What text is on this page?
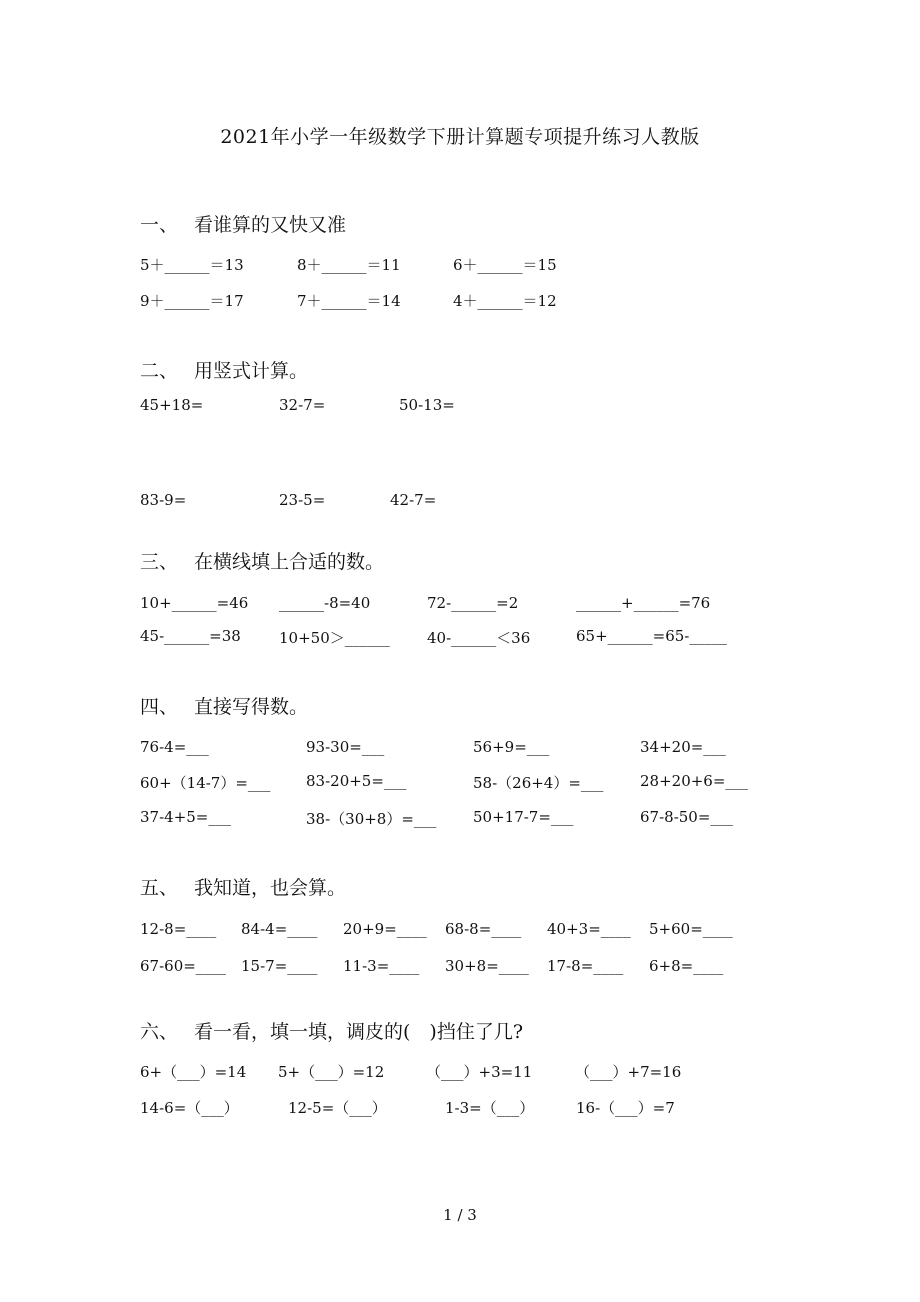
2021年小学一年级数学下册计算题专项提升练习人教版
一、 看谁算的又快又准
5＋______＝13	8＋______＝11	6＋______＝15
9＋______＝17	7＋______＝14	4＋______＝12
二、 用竖式计算。
45+18=	32-7=	50-13=
83-9=	23-5=	42-7=
三、 在横线填上合适的数。
10+______=46 ______-8=40	72-______=2	______+______=76
45-______=38	10+50＞______ 40-______＜36	65+______=65-_____
四、 直接写得数。
76-4=___	93-30=___	56+9=___	34+20=___
60+（14-7）=___ 83-20+5=___	58-（26+4）=___ 28+20+6=___
37-4+5=___	38-（30+8）=___ 50+17-7=___	67-8-50=___
五、 我知道，也会算。
12-8=____ 84-4=____ 20+9=____ 68-8=____ 40+3=____ 5+60=____
67-60=____ 15-7=____ 11-3=____ 30+8=____ 17-8=____ 6+8=____
六、 看一看，填一填，调皮的(　)挡住了几?
6+（___）=14 5+（___）=12	（___）+3=11	（___）+7=16
14-6=（___）	12-5=（___）	1-3=（___）	16-（___）=7
1 / 3
